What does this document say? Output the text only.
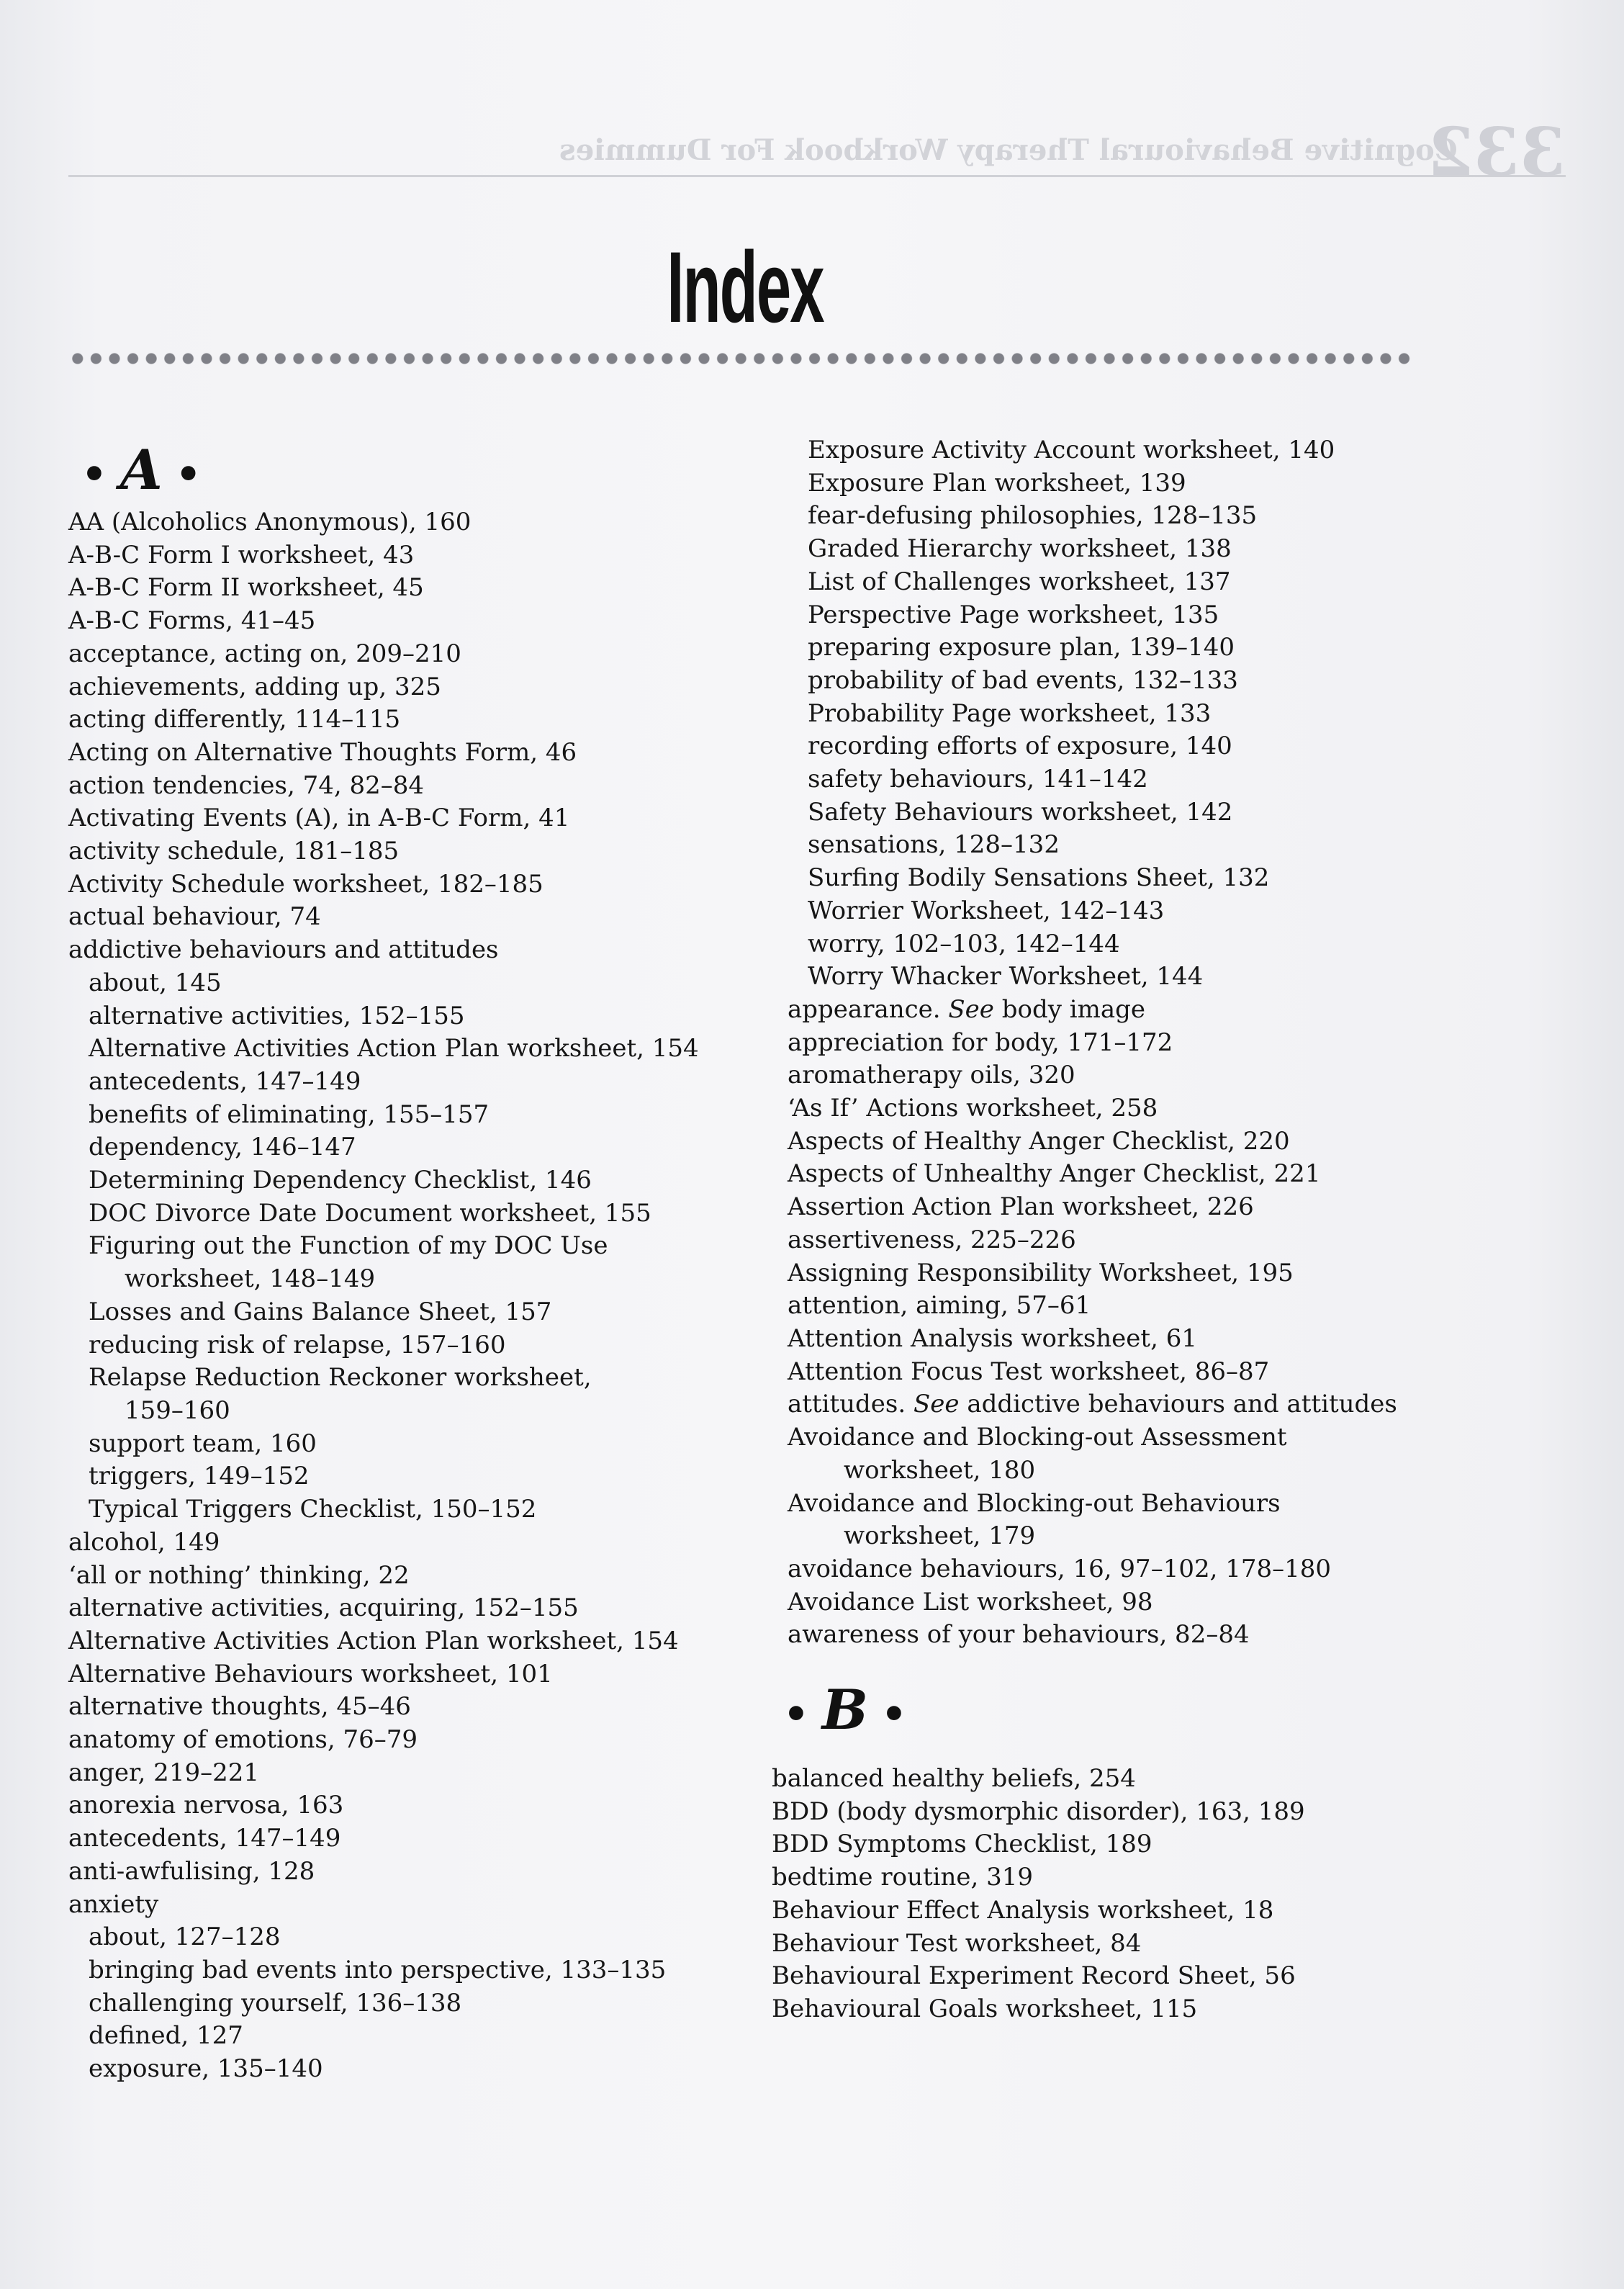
Cognitive Behavioural Therapy Workbook For Dummies
332
Index
• A •
AA (Alcoholics Anonymous), 160
A-B-C Form I worksheet, 43
A-B-C Form II worksheet, 45
A-B-C Forms, 41–45
acceptance, acting on, 209–210
achievements, adding up, 325
acting differently, 114–115
Acting on Alternative Thoughts Form, 46
action tendencies, 74, 82–84
Activating Events (A), in A-B-C Form, 41
activity schedule, 181–185
Activity Schedule worksheet, 182–185
actual behaviour, 74
addictive behaviours and attitudes
about, 145
alternative activities, 152–155
Alternative Activities Action Plan worksheet, 154
antecedents, 147–149
benefits of eliminating, 155–157
dependency, 146–147
Determining Dependency Checklist, 146
DOC Divorce Date Document worksheet, 155
Figuring out the Function of my DOC Use
worksheet, 148–149
Losses and Gains Balance Sheet, 157
reducing risk of relapse, 157–160
Relapse Reduction Reckoner worksheet,
159–160
support team, 160
triggers, 149–152
Typical Triggers Checklist, 150–152
alcohol, 149
‘all or nothing’ thinking, 22
alternative activities, acquiring, 152–155
Alternative Activities Action Plan worksheet, 154
Alternative Behaviours worksheet, 101
alternative thoughts, 45–46
anatomy of emotions, 76–79
anger, 219–221
anorexia nervosa, 163
antecedents, 147–149
anti-awfulising, 128
anxiety
about, 127–128
bringing bad events into perspective, 133–135
challenging yourself, 136–138
defined, 127
exposure, 135–140
Exposure Activity Account worksheet, 140
Exposure Plan worksheet, 139
fear-defusing philosophies, 128–135
Graded Hierarchy worksheet, 138
List of Challenges worksheet, 137
Perspective Page worksheet, 135
preparing exposure plan, 139–140
probability of bad events, 132–133
Probability Page worksheet, 133
recording efforts of exposure, 140
safety behaviours, 141–142
Safety Behaviours worksheet, 142
sensations, 128–132
Surfing Bodily Sensations Sheet, 132
Worrier Worksheet, 142–143
worry, 102–103, 142–144
Worry Whacker Worksheet, 144
appearance. See body image
appreciation for body, 171–172
aromatherapy oils, 320
‘As If’ Actions worksheet, 258
Aspects of Healthy Anger Checklist, 220
Aspects of Unhealthy Anger Checklist, 221
Assertion Action Plan worksheet, 226
assertiveness, 225–226
Assigning Responsibility Worksheet, 195
attention, aiming, 57–61
Attention Analysis worksheet, 61
Attention Focus Test worksheet, 86–87
attitudes. See addictive behaviours and attitudes
Avoidance and Blocking-out Assessment
worksheet, 180
Avoidance and Blocking-out Behaviours
worksheet, 179
avoidance behaviours, 16, 97–102, 178–180
Avoidance List worksheet, 98
awareness of your behaviours, 82–84
• B •
balanced healthy beliefs, 254
BDD (body dysmorphic disorder), 163, 189
BDD Symptoms Checklist, 189
bedtime routine, 319
Behaviour Effect Analysis worksheet, 18
Behaviour Test worksheet, 84
Behavioural Experiment Record Sheet, 56
Behavioural Goals worksheet, 115
